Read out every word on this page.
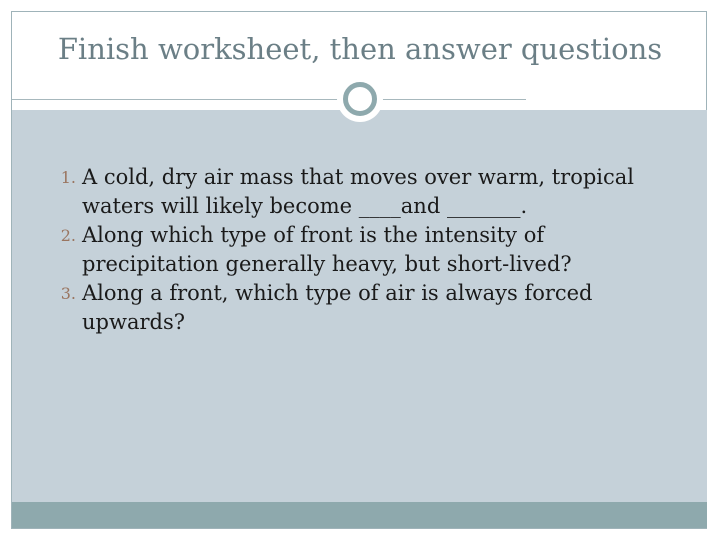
Finish worksheet, then answer questions
1. A cold, dry air mass that moves over warm, tropical waters will likely become ____and _______.
2. Along which type of front is the intensity of precipitation generally heavy, but short-lived?
3. Along a front, which type of air is always forced upwards?
